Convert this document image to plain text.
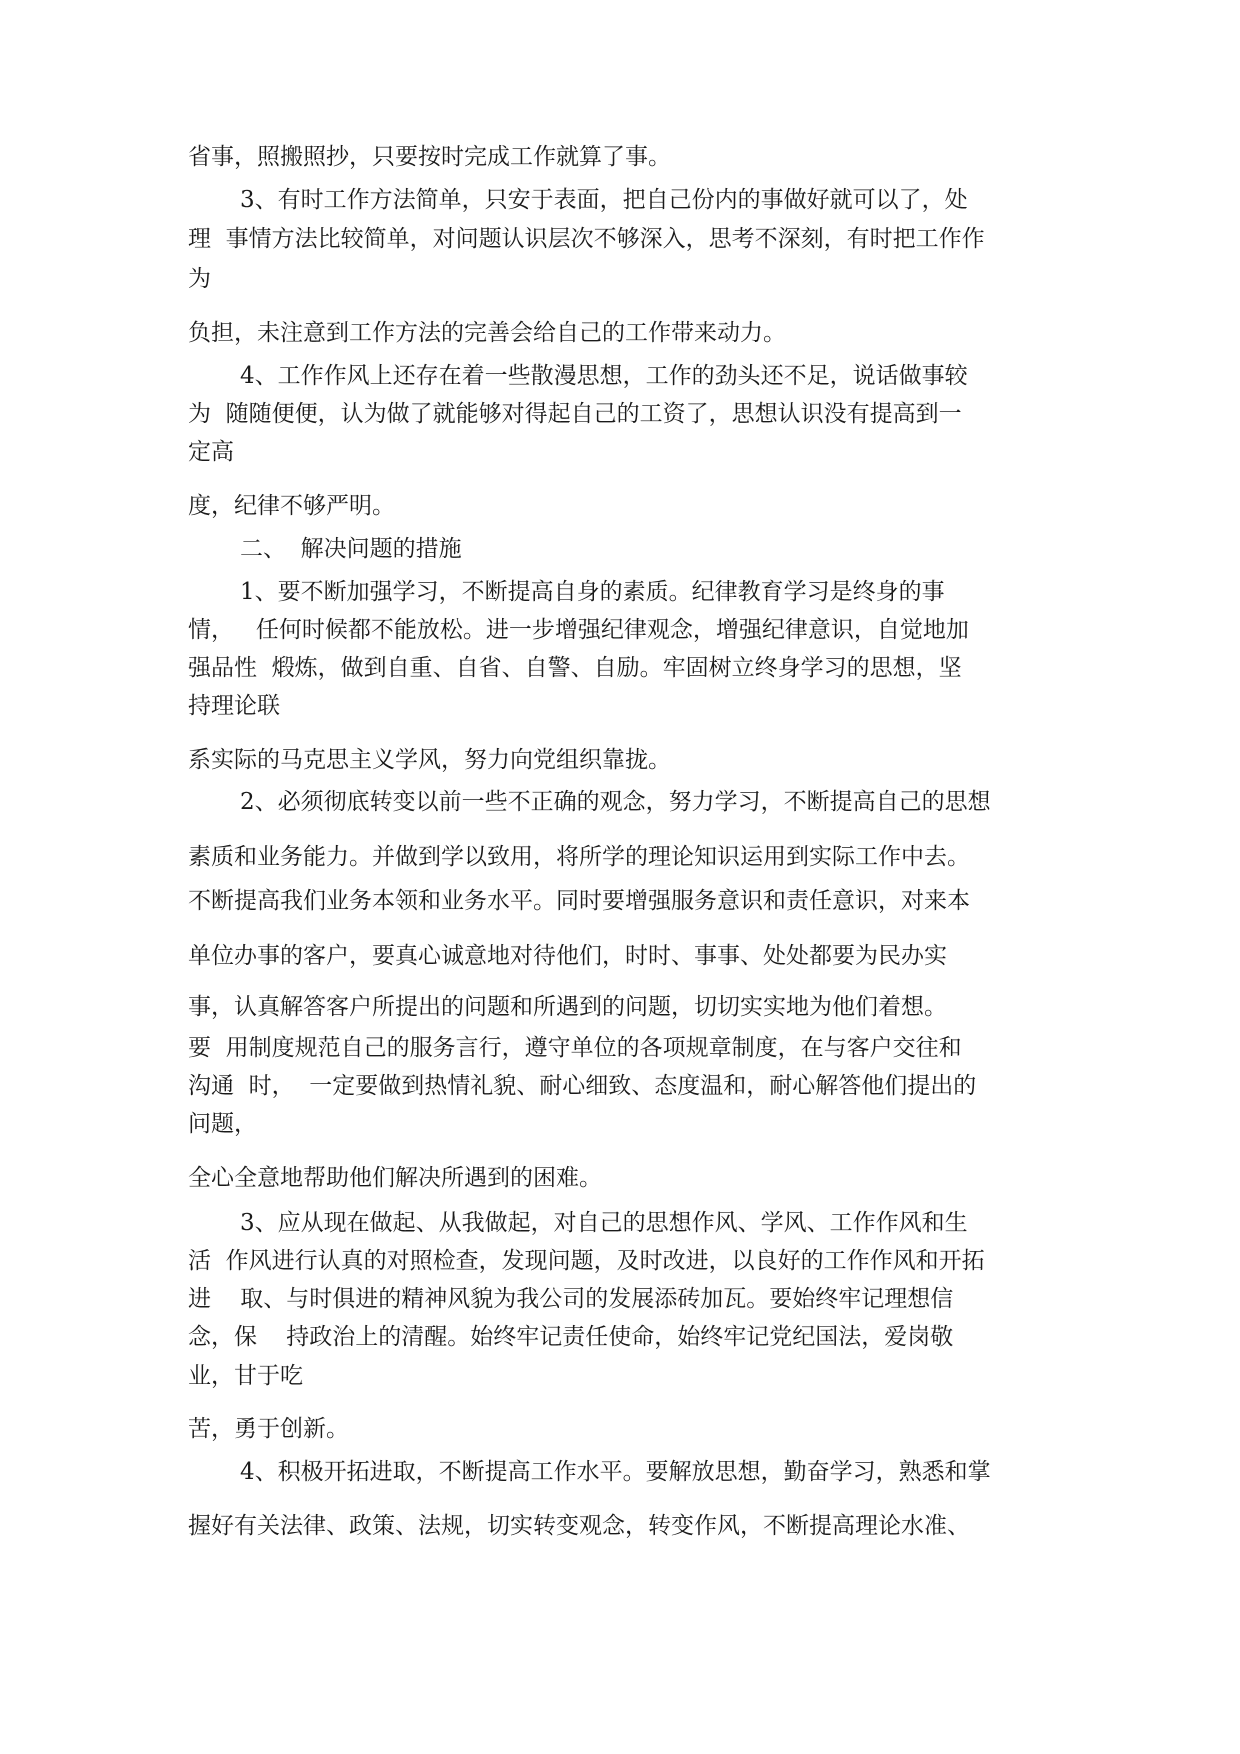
省事，照搬照抄，只要按时完成工作就算了事。

3、有时工作方法简单，只安于表面，把自己份内的事做好就可以了，处

理  事情方法比较简单，对问题认识层次不够深入，思考不深刻，有时把工作作

为

负担，未注意到工作方法的完善会给自己的工作带来动力。

4、工作作风上还存在着一些散漫思想，工作的劲头还不足，说话做事较

为  随随便便，认为做了就能够对得起自己的工资了，思想认识没有提高到一

定高

度，纪律不够严明。

二、  解决问题的措施

1、要不断加强学习，不断提高自身的素质。纪律教育学习是终身的事

情，   任何时候都不能放松。进一步增强纪律观念，增强纪律意识，自觉地加

强品性  煅炼，做到自重、自省、自警、自励。牢固树立终身学习的思想，坚

持理论联

系实际的马克思主义学风，努力向党组织靠拢。

2、必须彻底转变以前一些不正确的观念，努力学习，不断提高自己的思想

素质和业务能力。并做到学以致用，将所学的理论知识运用到实际工作中去。

不断提高我们业务本领和业务水平。同时要增强服务意识和责任意识，对来本

单位办事的客户，要真心诚意地对待他们，时时、事事、处处都要为民办实

事，认真解答客户所提出的问题和所遇到的问题，切切实实地为他们着想。

要  用制度规范自己的服务言行，遵守单位的各项规章制度，在与客户交往和

沟通  时，  一定要做到热情礼貌、耐心细致、态度温和，耐心解答他们提出的

问题，

全心全意地帮助他们解决所遇到的困难。

3、应从现在做起、从我做起，对自己的思想作风、学风、工作作风和生

活  作风进行认真的对照检查，发现问题，及时改进，以良好的工作作风和开拓

进    取、与时俱进的精神风貌为我公司的发展添砖加瓦。要始终牢记理想信

念，保    持政治上的清醒。始终牢记责任使命，始终牢记党纪国法，爱岗敬

业，甘于吃

苦，勇于创新。

4、积极开拓进取，不断提高工作水平。要解放思想，勤奋学习，熟悉和掌

握好有关法律、政策、法规，切实转变观念，转变作风，不断提高理论水准、
